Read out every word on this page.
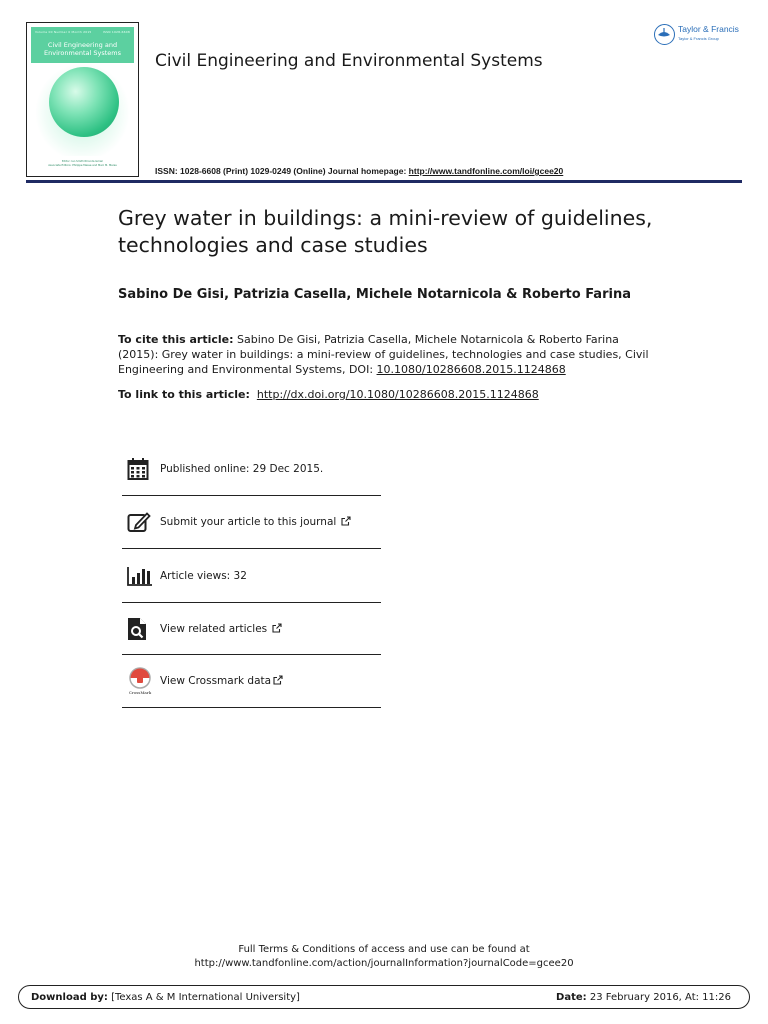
Volume 00 Number 0 Month 2015	ISSN 1028-6608
Civil Engineering and Environmental Systems
Editor: Ian Smith Rhonda Ismail
Associate Editors: Philippe Masse and Marc M. Mares
Civil Engineering and Environmental Systems
Taylor & Francis
Taylor & Francis Group
ISSN: 1028-6608 (Print) 1029-0249 (Online) Journal homepage: http://www.tandfonline.com/loi/gcee20
Grey water in buildings: a mini-review of guidelines, technologies and case studies
Sabino De Gisi, Patrizia Casella, Michele Notarnicola & Roberto Farina
To cite this article: Sabino De Gisi, Patrizia Casella, Michele Notarnicola & Roberto Farina (2015): Grey water in buildings: a mini-review of guidelines, technologies and case studies, Civil Engineering and Environmental Systems, DOI: 10.1080/10286608.2015.1124868
To link to this article: http://dx.doi.org/10.1080/10286608.2015.1124868
Published online: 29 Dec 2015.
Submit your article to this journal
Article views: 32
View related articles
CrossMark
View Crossmark data
Full Terms & Conditions of access and use can be found at
http://www.tandfonline.com/action/journalInformation?journalCode=gcee20
Download by: [Texas A & M International University]	Date: 23 February 2016, At: 11:26
